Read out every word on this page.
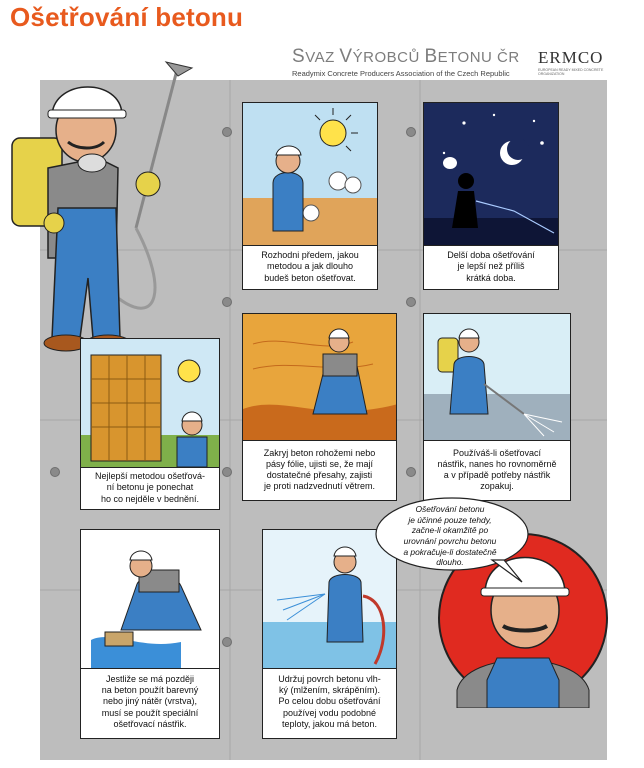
Ošetřování betonu
SVAZ VÝROBCŮ BETONU ČR
Readymix Concrete Producers Association of the Czech Republic
ERMCO
EUROPEAN READY MIXED CONCRETE ORGANIZATION
Rozhodni předem, jakou
metodou a jak dlouho
budeš beton ošetřovat.
Delší doba ošetřování
je lepší než příliš
krátká doba.
Nejlepší metodou ošetřová-
ní betonu je ponechat
ho co nejděle v bednění.
Zakryj beton rohožemi nebo
pásy fólie, ujisti se, že mají
dostatečné přesahy, zajisti
je proti nadzvednutí větrem.
Používáš-li ošetřovací
nástřik, nanes ho rovnoměrně
a v případě potřeby nástřik
zopakuj.
Jestliže se má později
na beton použít barevný
nebo jiný nátěr (vrstva),
musí se použít speciální
ošetřovací nástřik.
Udržuj povrch betonu vlh-
ký (mlžením, skrápěním).
Po celou dobu ošetřování
používej vodu podobné
teploty, jakou má beton.
Ošetřování betonu
je účinné pouze tehdy,
začne-li okamžitě po
urovnání povrchu betonu
a pokračuje-li dostatečně
dlouho.
